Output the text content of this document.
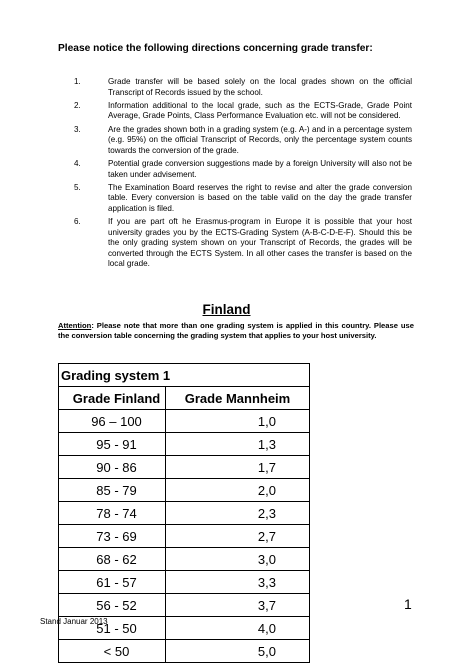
Please notice the following directions concerning grade transfer:
1.	Grade transfer will be based solely on the local grades shown on the official Transcript of Records issued by the school.
2.	Information additional to the local grade, such as the ECTS-Grade, Grade Point Average, Grade Points, Class Performance Evaluation etc. will not be considered.
3.	Are the grades shown both in a grading system (e.g. A-) and in a percentage system (e.g. 95%) on the official Transcript of Records, only the percentage system counts towards the conversion of the grade.
4.	Potential grade conversion suggestions made by a foreign University will also not be taken under advisement.
5.	The Examination Board reserves the right to revise and alter the grade conversion table. Every conversion is based on the table valid on the day the grade transfer application is filed.
6.	If you are part oft he Erasmus-program in Europe it is possible that your host university grades you by the ECTS-Grading System (A-B-C-D-E-F). Should this be the only grading system shown on your Transcript of Records, the grades will be converted through the ECTS System. In all other cases the transfer is based on the local grade.
Finland
Attention: Please note that more than one grading system is applied in this country. Please use the conversion table concerning the grading system that applies to your host university.
Grading system 1		
	Grade Finland	Grade Mannheim
	96 – 100	1,0
	95 - 91	1,3
	90 - 86	1,7
	85 - 79	2,0
	78 - 74	2,3
	73 - 69	2,7
	68 - 62	3,0
	61 - 57	3,3
	56 - 52	3,7
	51 - 50	4,0
	< 50	5,0
1
Stand Januar 2013
